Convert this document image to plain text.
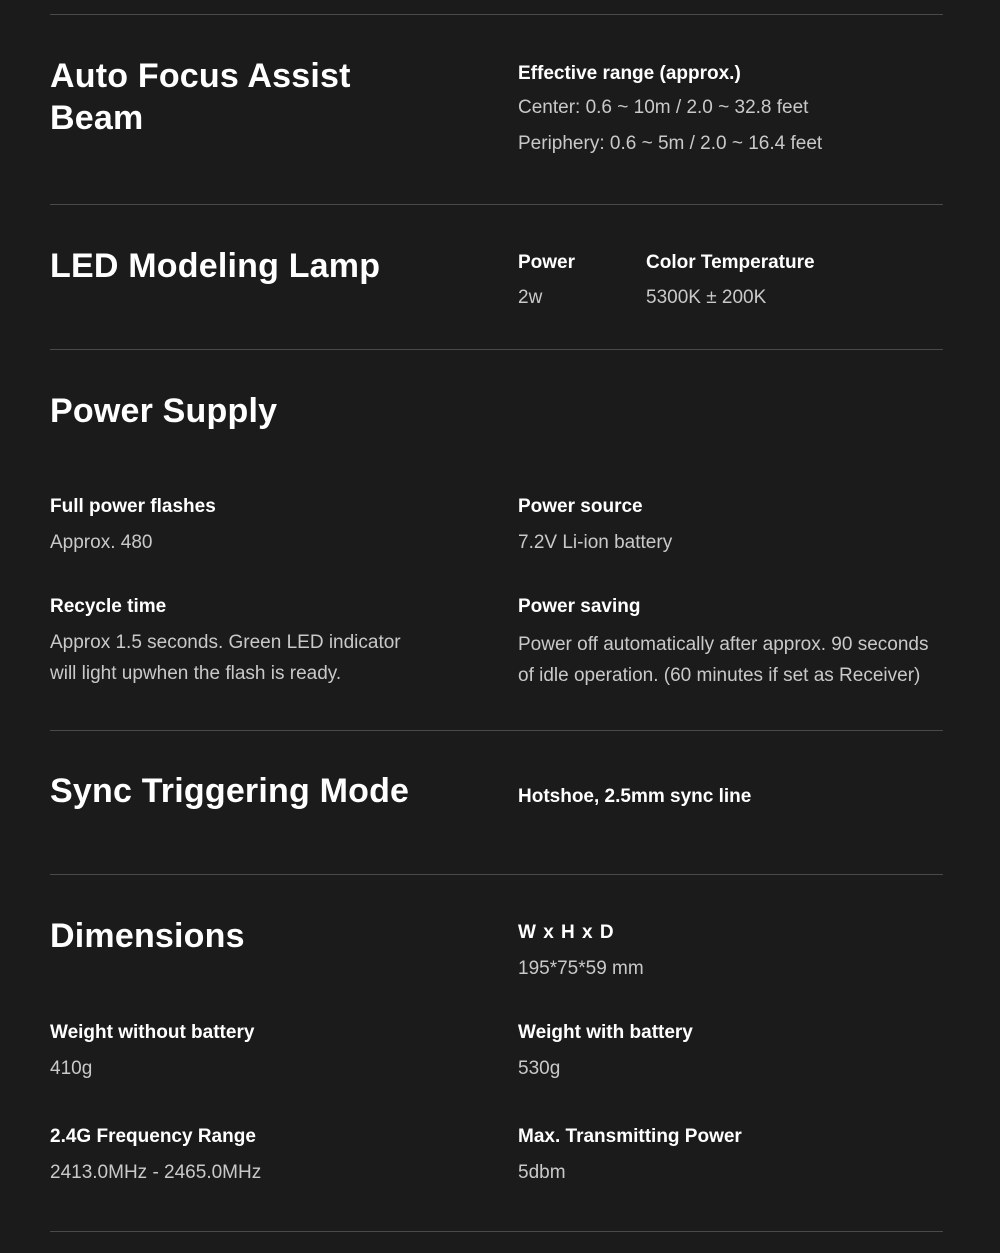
Auto Focus Assist
Beam
Effective range (approx.)
Center: 0.6 ~ 10m / 2.0 ~ 32.8 feet
Periphery: 0.6 ~ 5m / 2.0 ~ 16.4 feet
LED Modeling Lamp	Power
2w
Color Temperature
5300K ± 200K
Power Supply
Full power flashes
Approx. 480
Power source
7.2V Li-ion battery
Recycle time
Approx 1.5 seconds. Green LED indicator
will light upwhen the flash is ready.
Power saving
Power off automatically after approx. 90 seconds
of idle operation. (60 minutes if set as Receiver)
Sync Triggering Mode	Hotshoe, 2.5mm sync line
Dimensions	W x H x D
195*75*59 mm
Weight without battery
410g
Weight with battery
530g
2.4G Frequency Range
2413.0MHz - 2465.0MHz
Max. Transmitting Power
5dbm
